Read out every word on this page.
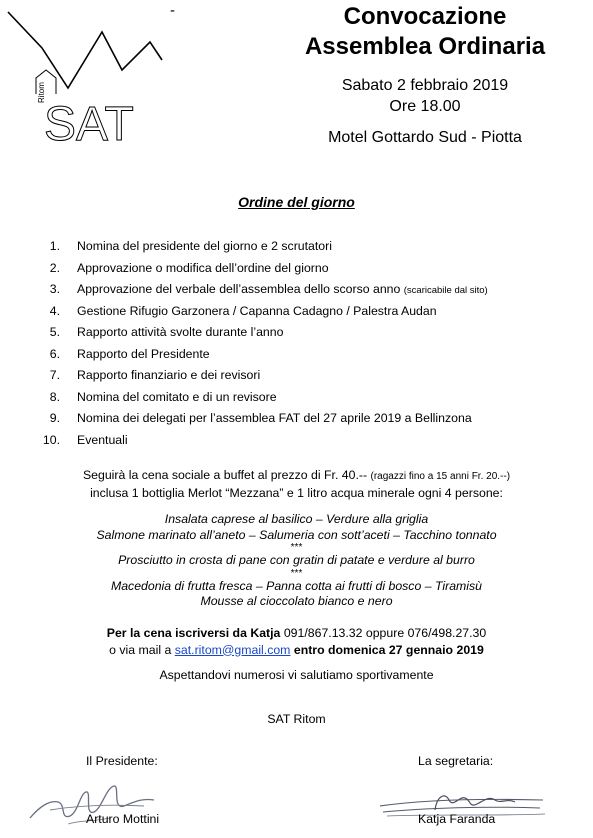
-
Ritom
SAT
Convocazione
Assemblea Ordinaria
Sabato 2 febbraio 2019
Ore 18.00
Motel Gottardo Sud - Piotta
Ordine del giorno
1. Nomina del presidente del giorno e 2 scrutatori
2. Approvazione o modifica dell’ordine del giorno
3. Approvazione del verbale dell’assemblea dello scorso anno (scaricabile dal sito)
4. Gestione Rifugio Garzonera / Capanna Cadagno / Palestra Audan
5. Rapporto attività svolte durante l’anno
6. Rapporto del Presidente
7. Rapporto finanziario e dei revisori
8. Nomina del comitato e di un revisore
9. Nomina dei delegati per l’assemblea FAT del 27 aprile 2019 a Bellinzona
10. Eventuali
Seguirà la cena sociale a buffet al prezzo di Fr. 40.-- (ragazzi fino a 15 anni Fr. 20.--)
inclusa 1 bottiglia Merlot “Mezzana” e 1 litro acqua minerale ogni 4 persone:
Insalata caprese al basilico – Verdure alla griglia
Salmone marinato all’aneto – Salumeria con sott’aceti – Tacchino tonnato
***
Prosciutto in crosta di pane con gratin di patate e verdure al burro
***
Macedonia di frutta fresca – Panna cotta ai frutti di bosco – Tiramisù
Mousse al cioccolato bianco e nero
Per la cena iscriversi da Katja 091/867.13.32 oppure 076/498.27.30
o via mail a sat.ritom@gmail.com entro domenica 27 gennaio 2019
Aspettandovi numerosi vi salutiamo sportivamente
SAT Ritom
Il Presidente:	La segretaria:
Arturo Mottini	Katja Faranda
